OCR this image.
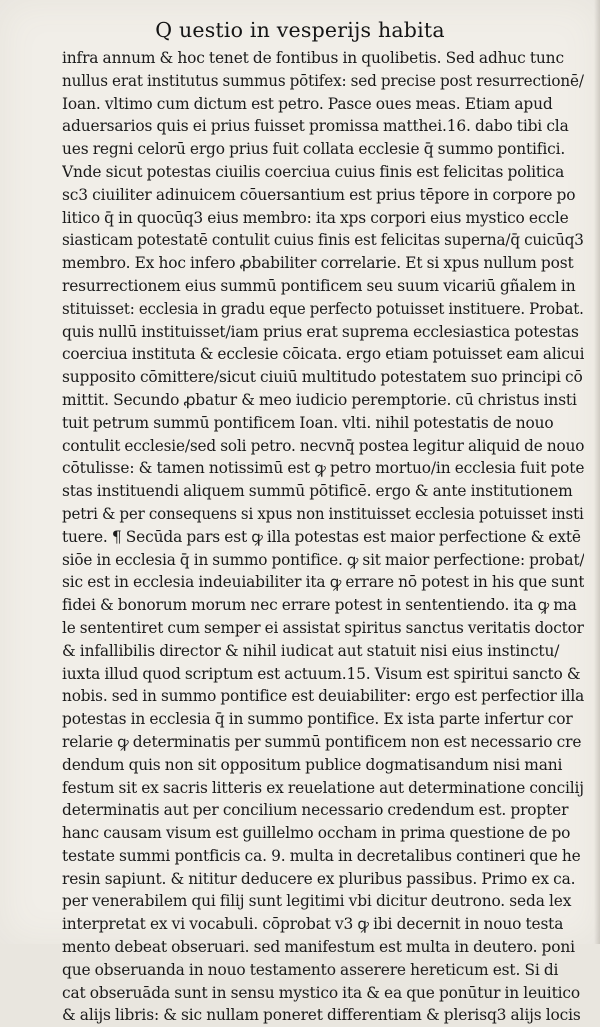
Q uestio in vesperijs habita
infra annum & hoc tenet de fontibus in quolibetis. Sed adhuc tunc
nullus erat institutus summus pōtifex: sed precise post resurrectionē/
Ioan. vltimo cum dictum est petro. Pasce oues meas. Etiam apud
aduersarios quis ei prius fuisset promissa matthei.16. dabo tibi cla
ues regni celorū ergo prius fuit collata ecclesie q̄ summo pontifici.
Vnde sicut potestas ciuilis coerciua cuius finis est felicitas politica
sc3 ciuiliter adinuicem cōuersantium est prius tēpore in corpore po
litico q̄ in quocūq3 eius membro: ita xps corpori eius mystico eccle
siasticam potestatē contulit cuius finis est felicitas superna/q̄ cuicūq3
membro. Ex hoc infero ꝓbabiliter correlarie. Et si xpus nullum post
resurrectionem eius summū pontificem seu suum vicariū gñalem in
stituisset: ecclesia in gradu eque perfecto potuisset instituere. Probat.
quis nullū instituisset/iam prius erat suprema ecclesiastica potestas
coerciua instituta & ecclesie cōicata. ergo etiam potuisset eam alicui
supposito cōmittere/sicut ciuiū multitudo potestatem suo principi cō
mittit. Secundo ꝓbatur & meo iudicio peremptorie. cū christus insti
tuit petrum summū pontificem Ioan. vlti. nihil potestatis de nouo
contulit ecclesie/sed soli petro. necvnq̄ postea legitur aliquid de nouo
cōtulisse: & tamen notissimū est ꝙ petro mortuo/in ecclesia fuit pote
stas instituendi aliquem summū pōtificē. ergo & ante institutionem
petri & per consequens si xpus non instituisset ecclesia potuisset insti
tuere. ¶ Secūda pars est ꝙ illa potestas est maior perfectione & extē
siōe in ecclesia q̄ in summo pontifice. ꝙ sit maior perfectione: probat/
sic est in ecclesia indeuiabiliter ita ꝙ errare nō potest in his que sunt
fidei & bonorum morum nec errare potest in sententiendo. ita ꝙ ma
le sententiret cum semper ei assistat spiritus sanctus veritatis doctor
& infallibilis director & nihil iudicat aut statuit nisi eius instinctu/
iuxta illud quod scriptum est actuum.15. Visum est spiritui sancto &
nobis. sed in summo pontifice est deuiabiliter: ergo est perfectior illa
potestas in ecclesia q̄ in summo pontifice. Ex ista parte infertur cor
relarie ꝙ determinatis per summū pontificem non est necessario cre
dendum quis non sit oppositum publice dogmatisandum nisi mani
festum sit ex sacris litteris ex reuelatione aut determinatione concilij
determinatis aut per concilium necessario credendum est. propter
hanc causam visum est guillelmo occham in prima questione de po
testate summi pontficis ca. 9. multa in decretalibus contineri que he
resin sapiunt. & nititur deducere ex pluribus passibus. Primo ex ca.
per venerabilem qui filij sunt legitimi vbi dicitur deutrono. seda lex
interpretat ex vi vocabuli. cōprobat v3 ꝙ ibi decernit in nouo testa
mento debeat obseruari. sed manifestum est multa in deutero. poni
que obseruanda in nouo testamento asserere hereticum est. Si di
cat obseruāda sunt in sensu mystico ita & ea que ponūtur in leuitico
& alijs libris: & sic nullam poneret differentiam & plerisq3 alijs locis
